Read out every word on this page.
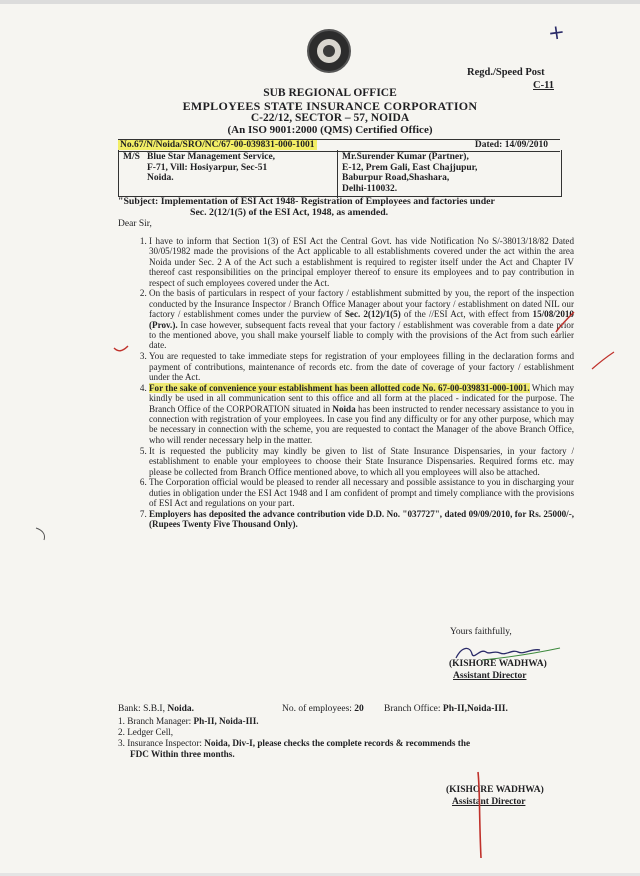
+
Regd./Speed Post
C-11
SUB REGIONAL OFFICE
EMPLOYEES STATE INSURANCE CORPORATION
C-22/12, SECTOR – 57, NOIDA
(An ISO 9001:2000 (QMS) Certified Office)
No.67/N/Noida/SRO/NC/67-00-039831-000-1001	Dated: 14/09/2010
M/S Blue Star Management Service,
F-71, Vill: Hosiyarpur, Sec-51
Noida.
Mr.Surender Kumar (Partner),
E-12, Prem Gali, East Chajjupur,
Baburpur Road,Shashara,
Delhi-110032.
"Subject: Implementation of ESI Act 1948- Registration of Employees and factories under
Sec. 2(12/1(5) of the ESI Act, 1948, as amended.
Dear Sir,
1. I have to inform that Section 1(3) of ESI Act the Central Govt. has vide Notification No S/-38013/18/82 Dated 30/05/1982 made the provisions of the Act applicable to all establishments covered under the act within the area Noida under Sec. 2 A of the Act such a establishment is required to register itself under the Act and Chapter IV thereof cast responsibilities on the principal employer thereof to ensure its employees and to pay contribution in respect of such employees covered under the Act.
2. On the basis of particulars in respect of your factory / establishment submitted by you, the report of the inspection conducted by the Insurance Inspector / Branch Office Manager about your factory / establishment on dated NIL our factory / establishment comes under the purview of Sec. 2(12)/1(5) of the //ESI Act, with effect from 15/08/2010 (Prov.). In case however, subsequent facts reveal that your factory / establishment was coverable from a date prior to the mentioned above, you shall make yourself liable to comply with the provisions of the Act from such earlier date.
3. You are requested to take immediate steps for registration of your employees filling in the declaration forms and payment of contributions, maintenance of records etc. from the date of coverage of your factory / establishment under the Act.
4. For the sake of convenience your establishment has been allotted code No. 67-00-039831-000-1001. Which may kindly be used in all communication sent to this office and all form at the placed - indicated for the purpose. The Branch Office of the CORPORATION situated in Noida has been instructed to render necessary assistance to you in connection with registration of your employees. In case you find any difficulty or for any other purpose, which may be necessary in connection with the scheme, you are requested to contact the Manager of the above Branch Office, who will render necessary help in the matter.
5. It is requested the publicity may kindly be given to list of State Insurance Dispensaries, in your factory / establishment to enable your employees to choose their State Insurance Dispensaries. Required forms etc. may please be collected from Branch Office mentioned above, to which all you employees will also be attached.
6. The Corporation official would be pleased to render all necessary and possible assistance to you in discharging your duties in obligation under the ESI Act 1948 and I am confident of prompt and timely compliance with the provisions of ESI Act and regulations on your part.
7. Employers has deposited the advance contribution vide D.D. No. "037727", dated 09/09/2010, for Rs. 25000/-, (Rupees Twenty Five Thousand Only).
Yours faithfully,
(KISHORE WADHWA)
Assistant Director
Bank: S.B.I, Noida.	No. of employees: 20 Branch Office: Ph-II,Noida-III.
1. Branch Manager: Ph-II, Noida-III.
2. Ledger Cell,
3. Insurance Inspector: Noida, Div-I, please checks the complete records & recommends the
FDC Within three months.
(KISHORE WADHWA)
Assistant Director
